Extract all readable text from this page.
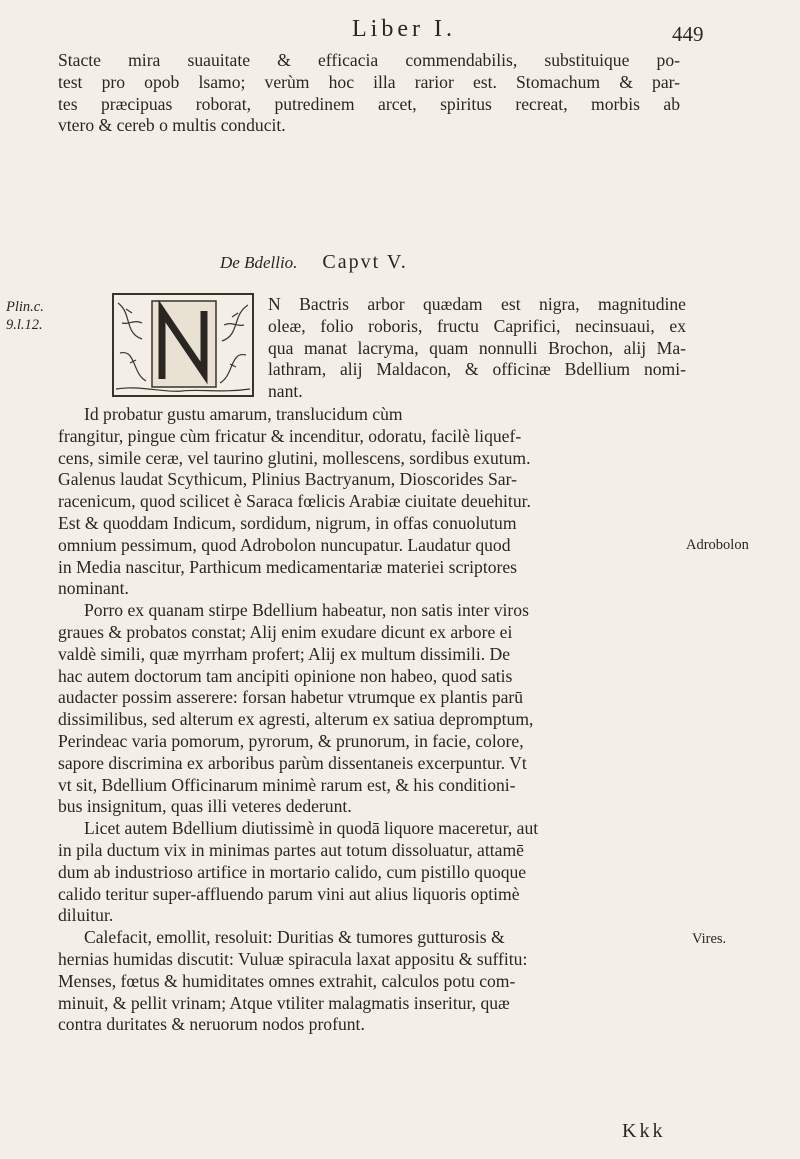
Liber I.	449
Stacte mira suauitate & efficacia commendabilis, substituique po-
test pro opob lsamo; verùm hoc illa rarior est. Stomachum & par-
tes præcipuas roborat, putredinem arcet, spiritus recreat, morbis ab
vtero & cereb o multis conducit.
De Bdellio. Capvt V.
Plin.c.
9.l.12.
N Bactris arbor quædam est nigra, magnitudine
oleæ, folio roboris, fructu Caprifici, necinsuaui, ex
qua manat lacryma, quam nonnulli Brochon, alij Ma-
lathram, alij Maldacon, & officinæ Bdellium nomi-
nant.
Id probatur gustu amarum, translucidum cùm
frangitur, pingue cùm fricatur & incenditur, odoratu, facilè liquef-
cens, simile ceræ, vel taurino glutini, mollescens, sordibus exutum.
Galenus laudat Scythicum, Plinius Bactryanum, Dioscorides Sar-
racenicum, quod scilicet è Saraca fœlicis Arabiæ ciuitate deuehitur.
Est & quoddam Indicum, sordidum, nigrum, in offas conuolutum
omnium pessimum, quod Adrobolon nuncupatur. Laudatur quod
in Media nascitur, Parthicum medicamentariæ materiei scriptores
nominant.
Porro ex quanam stirpe Bdellium habeatur, non satis inter viros
graues & probatos constat; Alij enim exudare dicunt ex arbore ei
valdè simili, quæ myrrham profert; Alij ex multum dissimili. De
hac autem doctorum tam ancipiti opinione non habeo, quod satis
audacter possim asserere: forsan habetur vtrumque ex plantis parū
dissimilibus, sed alterum ex agresti, alterum ex satiua depromptum,
Perindeac varia pomorum, pyrorum, & prunorum, in facie, colore,
sapore discrimina ex arboribus parùm dissentaneis excerpuntur. Vt
vt sit, Bdellium Officinarum minimè rarum est, & his conditioni-
bus insignitum, quas illi veteres dederunt.
Licet autem Bdellium diutissimè in quodā liquore maceretur, aut
in pila ductum vix in minimas partes aut totum dissoluatur, attamē
dum ab industrioso artifice in mortario calido, cum pistillo quoque
calido teritur super-affluendo parum vini aut alius liquoris optimè
diluitur.
Calefacit, emollit, resoluit: Duritias & tumores gutturosis &
hernias humidas discutit: Vuluæ spiracula laxat appositu & suffitu:
Menses, fœtus & humiditates omnes extrahit, calculos potu com-
minuit, & pellit vrinam; Atque vtiliter malagmatis inseritur, quæ
contra duritates & neruorum nodos profunt.
Adrobolon
Vires.
Kkk
